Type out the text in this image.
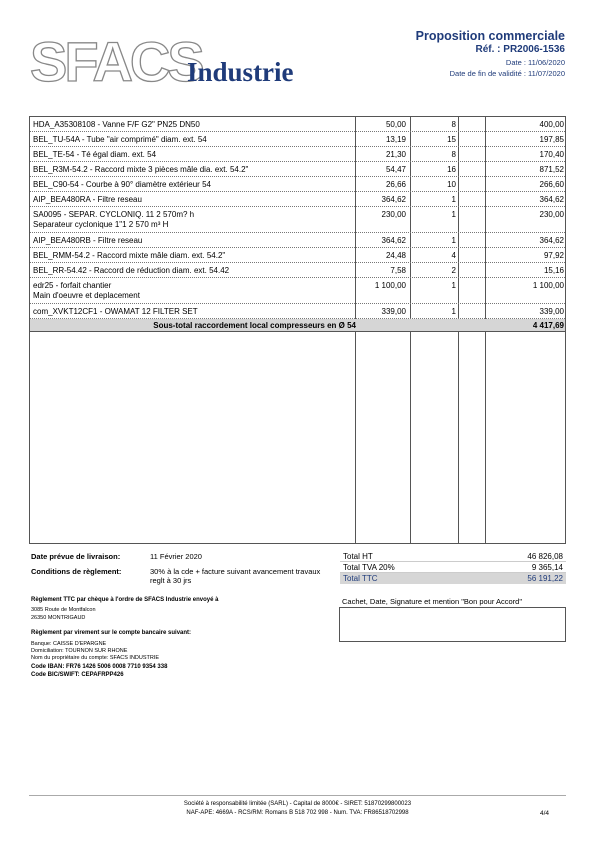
SFACS
Industrie
Proposition commerciale
Réf. : PR2006-1536
Date : 11/06/2020
Date de fin de validité : 11/07/2020
HDA_A35308108 - Vanne F/F G2" PN25 DN50	50,00	8	400,00
BEL_TU-54A - Tube "air comprimé" diam. ext. 54	13,19	15	197,85
BEL_TE-54 - Té égal diam. ext. 54	21,30	8	170,40
BEL_R3M-54.2 - Raccord mixte 3 pièces mâle dia. ext. 54.2"	54,47	16	871,52
BEL_C90-54 - Courbe à 90° diamètre extérieur 54	26,66	10	266,60
AIP_BEA480RA - Filtre reseau	364,62	1	364,62
SA0095 - SEPAR. CYCLONIQ. 11 2 570m? h	230,00	1	230,00
Separateur cyclonique 1"1 2 570 m³ H
AIP_BEA480RB - Filtre reseau	364,62	1	364,62
BEL_RMM-54.2 - Raccord mixte mâle diam. ext. 54.2"	24,48	4	97,92
BEL_RR-54.42 - Raccord de réduction diam. ext. 54.42	7,58	2	15,16
edr25 - forfait chantier	1 100,00	1	1 100,00
Main d'oeuvre et deplacement
com_XVKT12CF1 - OWAMAT 12 FILTER SET	339,00	1	339,00
Sous-total raccordement local compresseurs en Ø 54	4 417,69
Date prévue de livraison:	11 Février 2020
Conditions de règlement:	30% à la cde + facture suivant avancement travaux
reglt à 30 jrs
Total HT	46 826,08
Total TVA 20%	9 365,14
Total TTC	56 191,22
Règlement TTC par chèque à l'ordre de SFACS Industrie envoyé à
3085 Route de Montfalcon
26350 MONTRIGAUD
Règlement par virement sur le compte bancaire suivant:
Banque: CAISSE D'EPARGNE
Domiciliation: TOURNON SUR RHONE
Nom du propriétaire du compte: SFACS INDUSTRIE
Code IBAN: FR76 1426 5006 0008 7710 9354 338
Code BIC/SWIFT: CEPAFRPP426
Cachet, Date, Signature et mention "Bon pour Accord"
Société à responsabilité limitée (SARL) - Capital de 8000€ - SIRET: 51870299800023
NAF-APE: 4669A - RCS/RM: Romans B 518 702 998 - Num. TVA: FR86518702998	4/4
